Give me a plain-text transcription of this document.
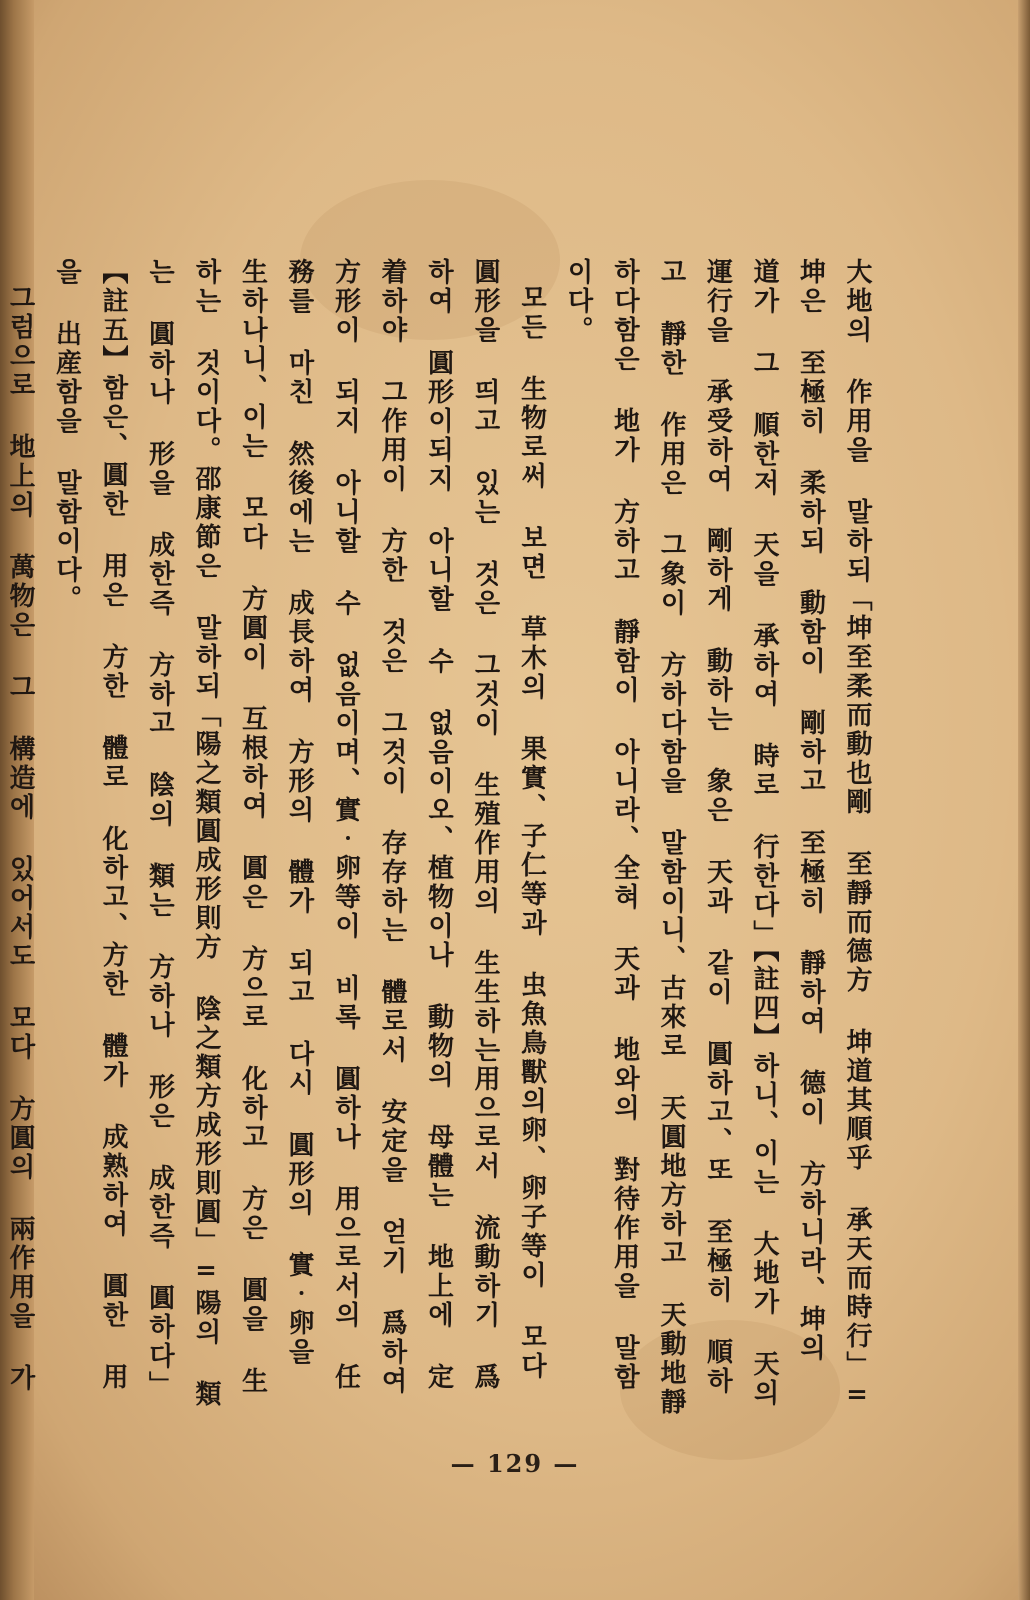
大地의 作用을 말하되「坤至柔而動也剛 至靜而德方 坤道其順乎 承天而時行」=坤은 至極히 柔하되 動함이 剛하고 至極히 靜하여 德이 方하니라、坤의 道가 그 順한저 天을 承하여 時로 行한다」【註四】하니、이는 大地가 天의 運行을 承受하여 剛하게 動하는 象은 天과 같이 圓하고、또 至極히 順하고 靜한 作用은 그象이 方하다함을 말함이니、古來로 天圓地方하고 天動地靜하다함은 地가 方하고 靜함이 아니라、全혀 天과 地와의 對待作用을 말함이다。

모든 生物로써 보면 草木의 果實、子仁等과 虫魚鳥獸의卵、卵子等이 모다 圓形을 띄고 있는 것은 그것이 生殖作用의 生生하는用으로서 流動하기 爲하여 圓形이되지 아니할 수 없음이오、植物이나 動物의 母體는 地上에 定着하야 그作用이 方한 것은 그것이 存存하는 體로서 安定을 얻기 爲하여 方形이 되지 아니할 수 없음이며、實‧卵等이 비록 圓하나 用으로서의 任務를 마친 然後에는 成長하여 方形의 體가 되고 다시 圓形의 實‧卵을 生하나니、이는 모다 方圓이 互根하여 圓은 方으로 化하고 方은 圓을 生하는 것이다。邵康節은 말하되「陽之類圓成形則方 陰之類方成形則圓」=陽의 類는 圓하나 形을 成한즉 方하고 陰의 類는 方하나 形은 成한즉 圓하다」【註五】함은、圓한 用은 方한 體로 化하고、方한 體가 成熟하여 圓한 用을 出産함을 말함이다。

그럼으로 地上의 萬物은 그 構造에 있어서도 모다 方圓의 兩作用을 가

— 129 —
